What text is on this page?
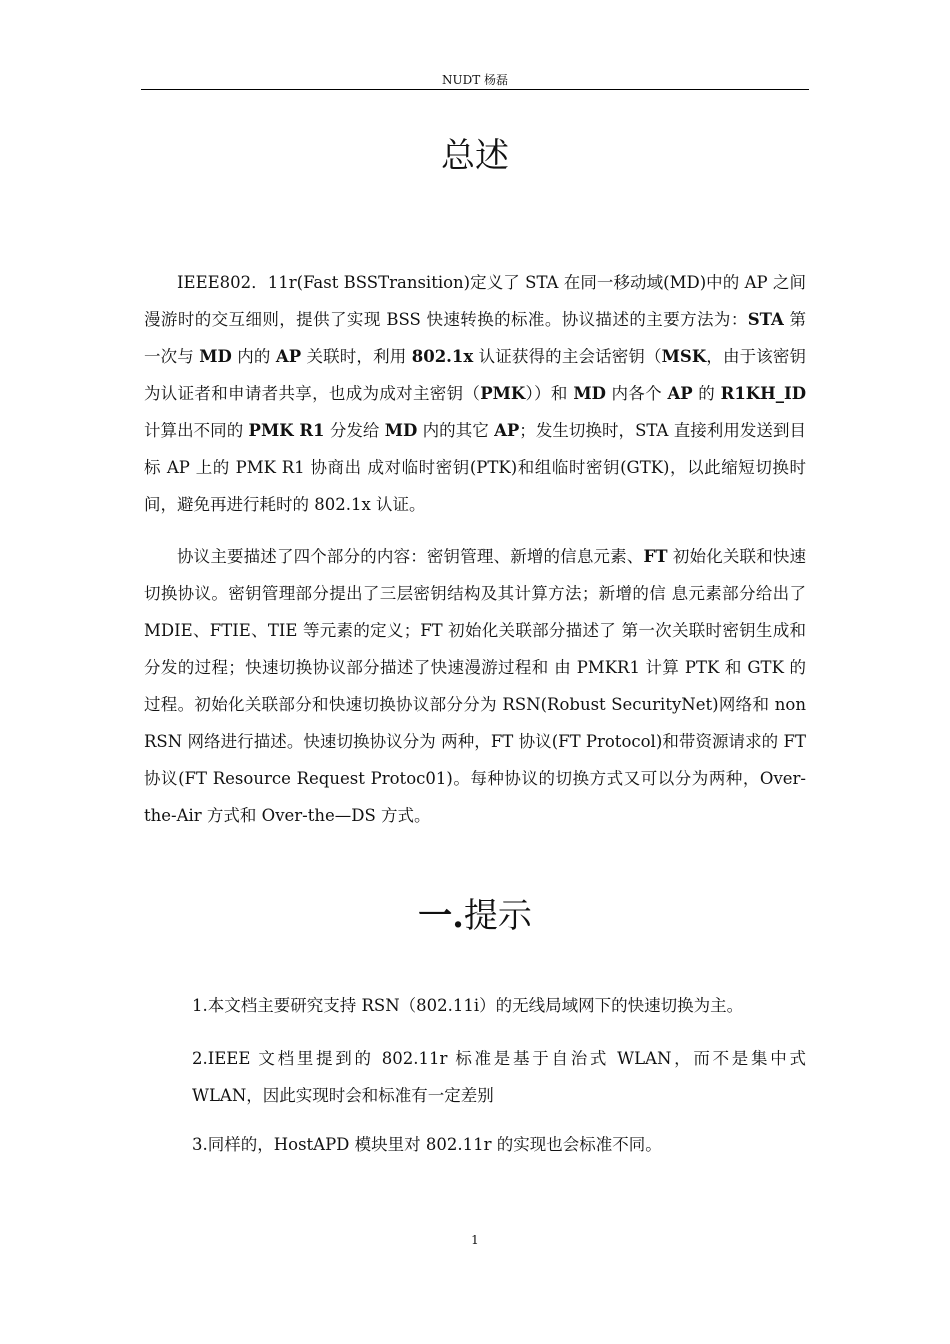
NUDT 杨磊
总述

IEEE802．11r(Fast BSSTransition)定义了 STA 在同一移动域(MD)中的 AP 之间漫游时的交互细则，提供了实现 BSS 快速转换的标准。协议描述的主要方法为：STA 第一次与 MD 内的 AP 关联时，利用 802.1x 认证获得的主会话密钥（MSK，由于该密钥为认证者和申请者共享，也成为成对主密钥（PMK））和 MD 内各个 AP 的 R1KH_ID 计算出不同的 PMK R1 分发给 MD 内的其它 AP；发生切换时，STA 直接利用发送到目标 AP 上的 PMK R1 协商出 成对临时密钥(PTK)和组临时密钥(GTK)，以此缩短切换时间，避免再进行耗时的 802.1x 认证。

协议主要描述了四个部分的内容：密钥管理、新增的信息元素、FT 初始化关联和快速切换协议。密钥管理部分提出了三层密钥结构及其计算方法；新增的信 息元素部分给出了 MDIE、FTIE、TIE 等元素的定义；FT 初始化关联部分描述了 第一次关联时密钥生成和分发的过程；快速切换协议部分描述了快速漫游过程和 由 PMKR1 计算 PTK 和 GTK 的过程。初始化关联部分和快速切换协议部分分为 RSN(Robust SecurityNet)网络和 non RSN 网络进行描述。快速切换协议分为 两种，FT 协议(FT Protocol)和带资源请求的 FT 协议(FT Resource Request Protoc01)。每种协议的切换方式又可以分为两种，Over-the-Air 方式和 Over-the—DS 方式。

一.提示

1.本文档主要研究支持 RSN（802.11i）的无线局域网下的快速切换为主。

2.IEEE 文档里提到的 802.11r 标准是基于自治式 WLAN，而不是集中式 WLAN，因此实现时会和标准有一定差别

3.同样的，HostAPD 模块里对 802.11r 的实现也会标准不同。

1
